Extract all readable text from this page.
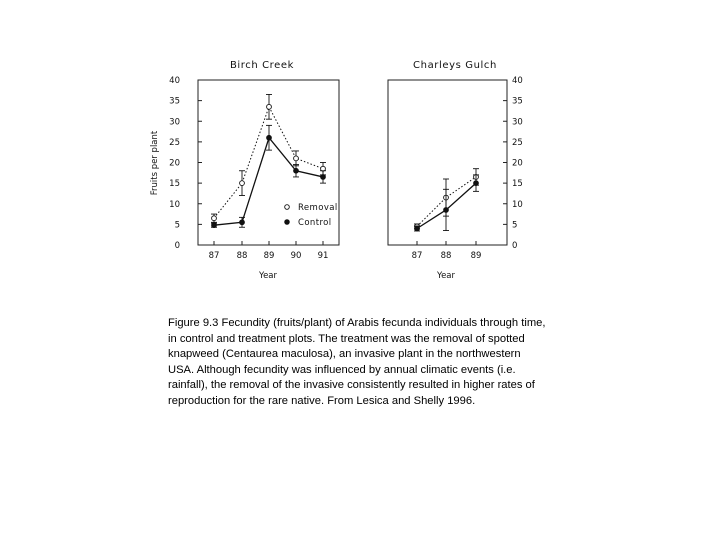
Birch Creek
Fruits per plant
Year
0
5
10
15
20
25
30
35
40
87 88 89 90 91
Removal
Control
Charleys Gulch
Year
0
5
10
15
20
25
30
35
40
87 88 89

Figure 9.3 Fecundity (fruits/plant) of Arabis fecunda individuals through time, in control and treatment plots. The treatment was the removal of spotted knapweed (Centaurea maculosa), an invasive plant in the northwestern USA. Although fecundity was influenced by annual climatic events (i.e. rainfall), the removal of the invasive consistently resulted in higher rates of reproduction for the rare native. From Lesica and Shelly 1996.
